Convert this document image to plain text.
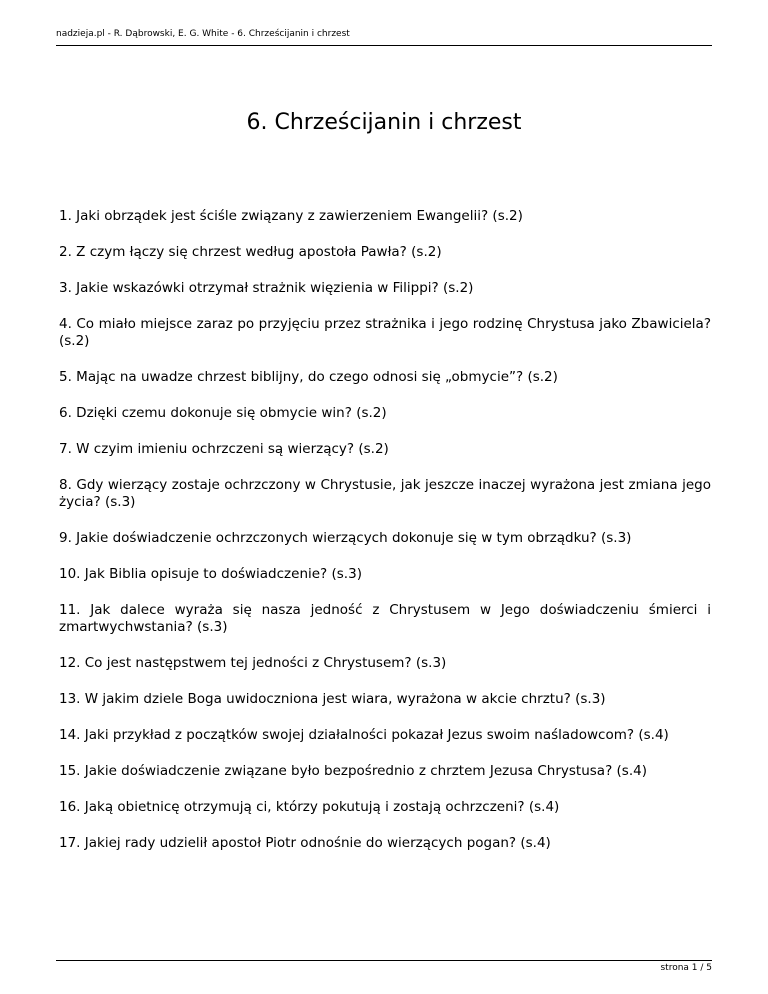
nadzieja.pl - R. Dąbrowski, E. G. White - 6. Chrześcijanin i chrzest
6. Chrześcijanin i chrzest
1. Jaki obrządek jest ściśle związany z zawierzeniem Ewangelii? (s.2)
2. Z czym łączy się chrzest według apostoła Pawła? (s.2)
3. Jakie wskazówki otrzymał strażnik więzienia w Filippi? (s.2)
4. Co miało miejsce zaraz po przyjęciu przez strażnika i jego rodzinę Chrystusa jako Zbawiciela? (s.2)
5. Mając na uwadze chrzest biblijny, do czego odnosi się „obmycie”? (s.2)
6. Dzięki czemu dokonuje się obmycie win? (s.2)
7. W czyim imieniu ochrzczeni są wierzący? (s.2)
8. Gdy wierzący zostaje ochrzczony w Chrystusie, jak jeszcze inaczej wyrażona jest zmiana jego życia? (s.3)
9. Jakie doświadczenie ochrzczonych wierzących dokonuje się w tym obrządku? (s.3)
10. Jak Biblia opisuje to doświadczenie? (s.3)
11. Jak dalece wyraża się nasza jedność z Chrystusem w Jego doświadczeniu śmierci i zmartwychwstania? (s.3)
12. Co jest następstwem tej jedności z Chrystusem? (s.3)
13. W jakim dziele Boga uwidoczniona jest wiara, wyrażona w akcie chrztu? (s.3)
14. Jaki przykład z początków swojej działalności pokazał Jezus swoim naśladowcom? (s.4)
15. Jakie doświadczenie związane było bezpośrednio z chrztem Jezusa Chrystusa? (s.4)
16. Jaką obietnicę otrzymują ci, którzy pokutują i zostają ochrzczeni? (s.4)
17. Jakiej rady udzielił apostoł Piotr odnośnie do wierzących pogan? (s.4)
strona 1 / 5
